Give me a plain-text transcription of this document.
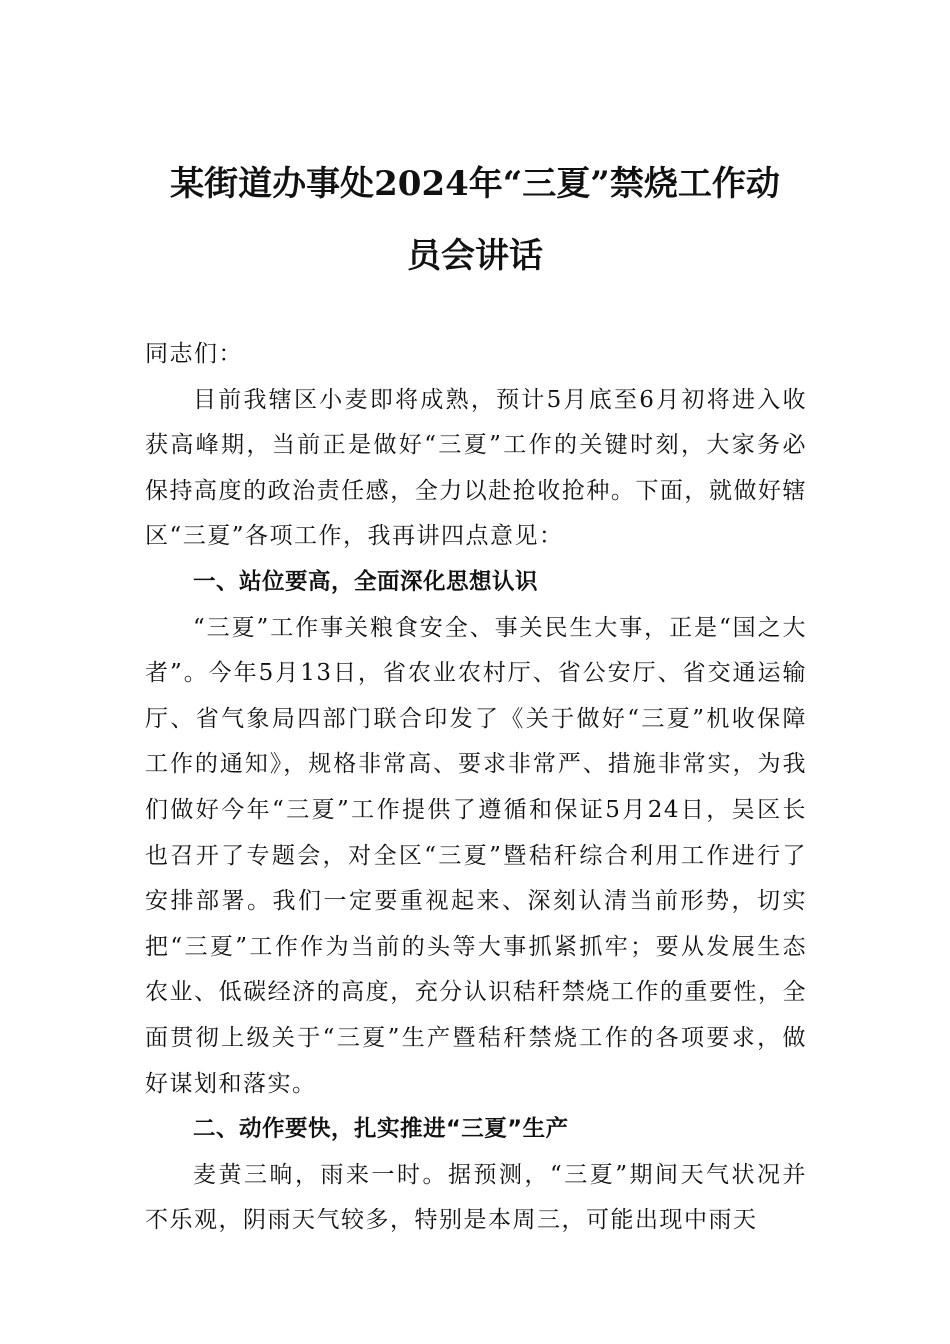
某街道办事处2024年“三夏”禁烧工作动
员会讲话

同志们：

目前我辖区小麦即将成熟，预计5月底至6月初将进入收获高峰期，当前正是做好“三夏”工作的关键时刻，大家务必保持高度的政治责任感，全力以赴抢收抢种。下面，就做好辖区“三夏”各项工作，我再讲四点意见：

一、站位要高，全面深化思想认识

“三夏”工作事关粮食安全、事关民生大事，正是“国之大者”。今年5月13日，省农业农村厅、省公安厅、省交通运输厅、省气象局四部门联合印发了《关于做好“三夏”机收保障工作的通知》，规格非常高、要求非常严、措施非常实，为我们做好今年“三夏”工作提供了遵循和保证5月24日，吴区长也召开了专题会，对全区“三夏”暨秸秆综合利用工作进行了安排部署。我们一定要重视起来、深刻认清当前形势，切实把“三夏”工作作为当前的头等大事抓紧抓牢；要从发展生态农业、低碳经济的高度，充分认识秸秆禁烧工作的重要性，全面贯彻上级关于“三夏”生产暨秸秆禁烧工作的各项要求，做好谋划和落实。

二、动作要快，扎实推进“三夏”生产

麦黄三晌，雨来一时。据预测，“三夏”期间天气状况并不乐观，阴雨天气较多，特别是本周三，可能出现中雨天
